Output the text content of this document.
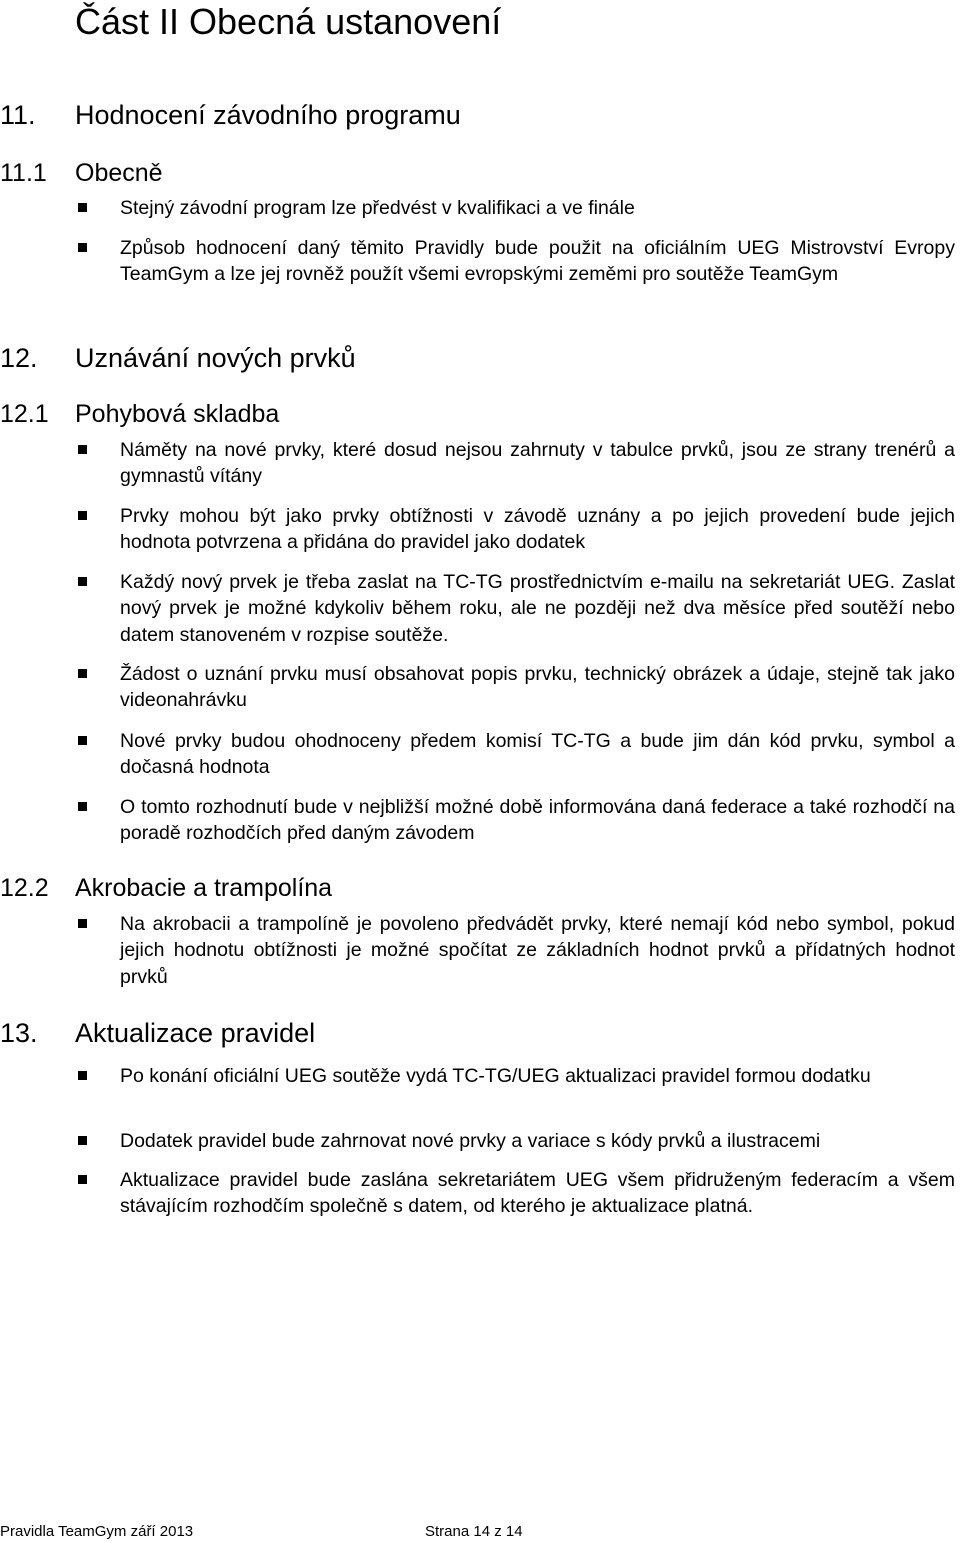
Část II Obecná ustanovení
11. Hodnocení závodního programu
11.1 Obecně
Stejný závodní program lze předvést v kvalifikaci a ve finále
Způsob hodnocení daný těmito Pravidly bude použit na oficiálním UEG Mistrovství Evropy TeamGym a lze jej rovněž použít všemi evropskými zeměmi pro soutěže TeamGym
12. Uznávání nových prvků
12.1 Pohybová skladba
Náměty na nové prvky, které dosud nejsou zahrnuty v tabulce prvků, jsou ze strany trenérů a gymnastů vítány
Prvky mohou být jako prvky obtížnosti v závodě uznány a po jejich provedení bude jejich hodnota potvrzena a přidána do pravidel jako dodatek
Každý nový prvek je třeba zaslat na TC-TG prostřednictvím e-mailu na sekretariát UEG. Zaslat nový prvek je možné kdykoliv během roku, ale ne později než dva měsíce před soutěží nebo datem stanoveném v rozpise soutěže.
Žádost o uznání prvku musí obsahovat popis prvku, technický obrázek a údaje, stejně tak jako videonahrávku
Nové prvky budou ohodnoceny předem komisí TC-TG a bude jim dán kód prvku, symbol a dočasná hodnota
O tomto rozhodnutí bude v nejbližší možné době informována daná federace a také rozhodčí na poradě rozhodčích před daným závodem
12.2 Akrobacie a trampolína
Na akrobacii a trampolíně je povoleno předvádět prvky, které nemají kód nebo symbol, pokud jejich hodnotu obtížnosti je možné spočítat ze základních hodnot prvků a přídatných hodnot prvků
13. Aktualizace pravidel
Po konání oficiální UEG soutěže vydá TC-TG/UEG aktualizaci pravidel formou dodatku
Dodatek pravidel bude zahrnovat nové prvky a variace s kódy prvků a ilustracemi
Aktualizace pravidel bude zaslána sekretariátem UEG všem přidruženým federacím a všem stávajícím rozhodčím společně s datem, od kterého je aktualizace platná.
Pravidla TeamGym září 2013	Strana 14 z 14
